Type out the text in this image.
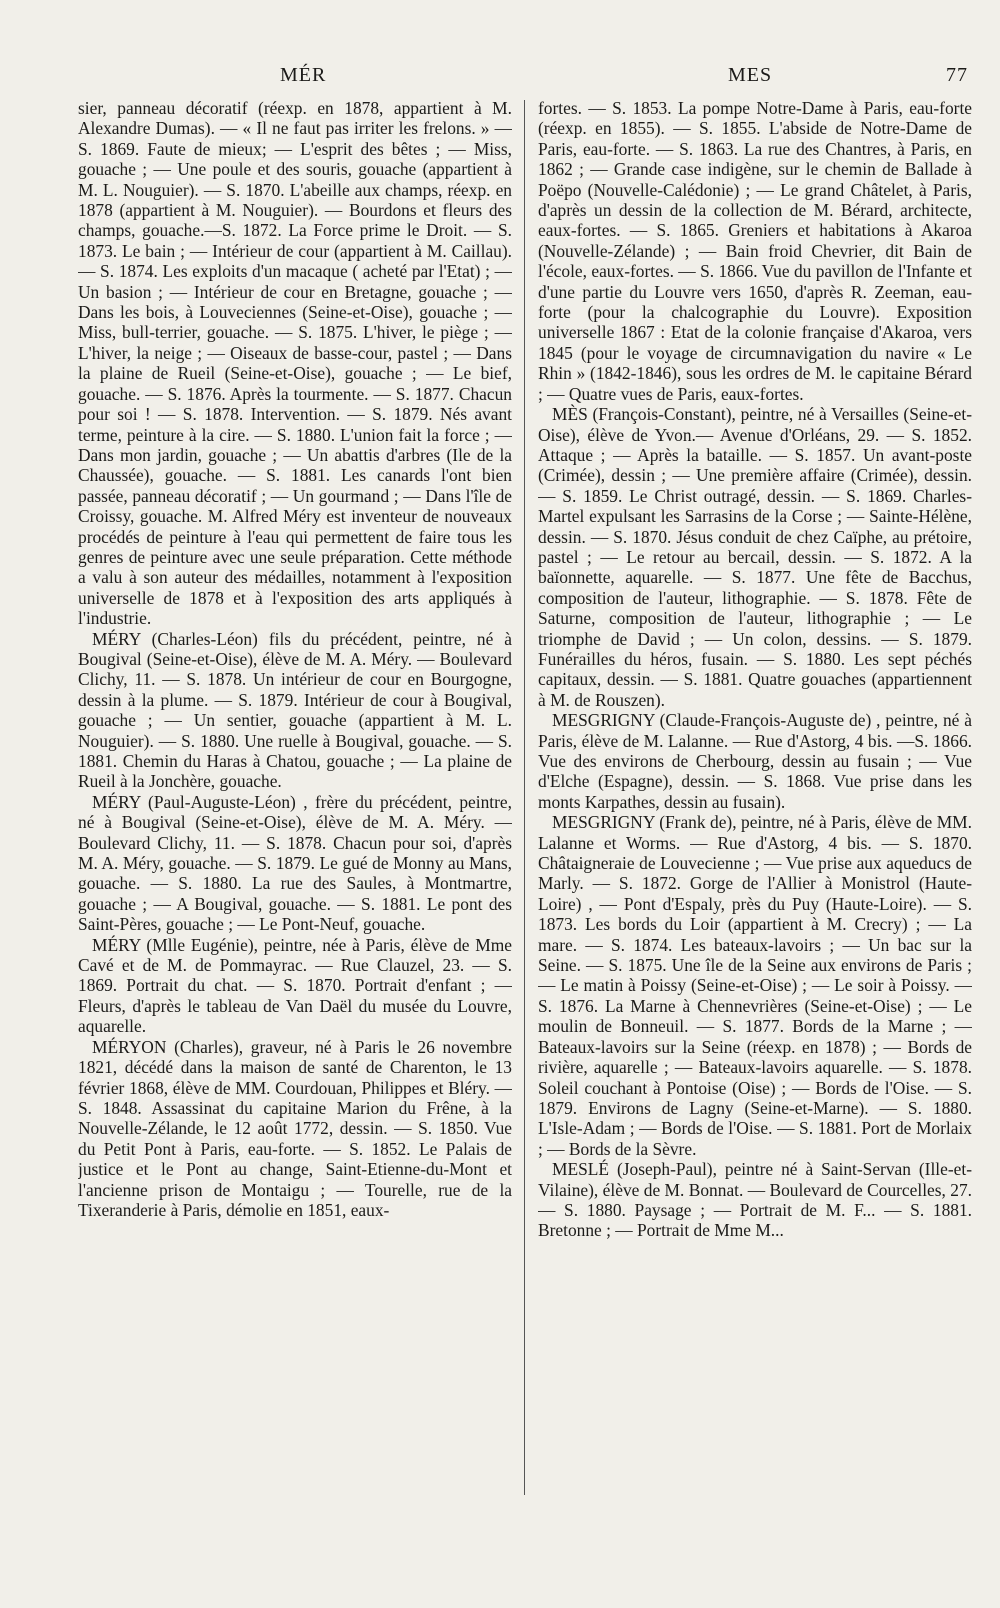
MÉR	MES	77

sier, panneau décoratif (réexp. en 1878, appartient à M. Alexandre Dumas). — « Il ne faut pas irriter les frelons. » — S. 1869. Faute de mieux; — L'esprit des bêtes ; — Miss, gouache ; — Une poule et des souris, gouache (appartient à M. L. Nouguier). — S. 1870. L'abeille aux champs, réexp. en 1878 (appartient à M. Nouguier). — Bourdons et fleurs des champs, gouache.—S. 1872. La Force prime le Droit. — S. 1873. Le bain ; — Intérieur de cour (appartient à M. Caillau). — S. 1874. Les exploits d'un macaque ( acheté par l'Etat) ; — Un basion ; — Intérieur de cour en Bretagne, gouache ; — Dans les bois, à Louveciennes (Seine-et-Oise), gouache ; — Miss, bull-terrier, gouache. — S. 1875. L'hiver, le piège ; — L'hiver, la neige ; — Oiseaux de basse-cour, pastel ; — Dans la plaine de Rueil (Seine-et-Oise), gouache ; — Le bief, gouache. — S. 1876. Après la tourmente. — S. 1877. Chacun pour soi ! — S. 1878. Intervention. — S. 1879. Nés avant terme, peinture à la cire. — S. 1880. L'union fait la force ; — Dans mon jardin, gouache ; — Un abattis d'arbres (Ile de la Chaussée), gouache. — S. 1881. Les canards l'ont bien passée, panneau décoratif ; — Un gourmand ; — Dans l'île de Croissy, gouache. M. Alfred Méry est inventeur de nouveaux procédés de peinture à l'eau qui permettent de faire tous les genres de peinture avec une seule préparation. Cette méthode a valu à son auteur des médailles, notamment à l'exposition universelle de 1878 et à l'exposition des arts appliqués à l'industrie.

MÉRY (Charles-Léon) fils du précédent, peintre, né à Bougival (Seine-et-Oise), élève de M. A. Méry. — Boulevard Clichy, 11. — S. 1878. Un intérieur de cour en Bourgogne, dessin à la plume. — S. 1879. Intérieur de cour à Bougival, gouache ; — Un sentier, gouache (appartient à M. L. Nouguier). — S. 1880. Une ruelle à Bougival, gouache. — S. 1881. Chemin du Haras à Chatou, gouache ; — La plaine de Rueil à la Jonchère, gouache.

MÉRY (Paul-Auguste-Léon) , frère du précédent, peintre, né à Bougival (Seine-et-Oise), élève de M. A. Méry. — Boulevard Clichy, 11. — S. 1878. Chacun pour soi, d'après M. A. Méry, gouache. — S. 1879. Le gué de Monny au Mans, gouache. — S. 1880. La rue des Saules, à Montmartre, gouache ; — A Bougival, gouache. — S. 1881. Le pont des Saint-Pères, gouache ; — Le Pont-Neuf, gouache.

MÉRY (Mlle Eugénie), peintre, née à Paris, élève de Mme Cavé et de M. de Pommayrac. — Rue Clauzel, 23. — S. 1869. Portrait du chat. — S. 1870. Portrait d'enfant ; — Fleurs, d'après le tableau de Van Daël du musée du Louvre, aquarelle.

MÉRYON (Charles), graveur, né à Paris le 26 novembre 1821, décédé dans la maison de santé de Charenton, le 13 février 1868, élève de MM. Courdouan, Philippes et Bléry. — S. 1848. Assassinat du capitaine Marion du Frêne, à la Nouvelle-Zélande, le 12 août 1772, dessin. — S. 1850. Vue du Petit Pont à Paris, eau-forte. — S. 1852. Le Palais de justice et le Pont au change, Saint-Etienne-du-Mont et l'ancienne prison de Montaigu ; — Tourelle, rue de la Tixeranderie à Paris, démolie en 1851, eaux-

fortes. — S. 1853. La pompe Notre-Dame à Paris, eau-forte (réexp. en 1855). — S. 1855. L'abside de Notre-Dame de Paris, eau-forte. — S. 1863. La rue des Chantres, à Paris, en 1862 ; — Grande case indigène, sur le chemin de Ballade à Poëpo (Nouvelle-Calédonie) ; — Le grand Châtelet, à Paris, d'après un dessin de la collection de M. Bérard, architecte, eaux-fortes. — S. 1865. Greniers et habitations à Akaroa (Nouvelle-Zélande) ; — Bain froid Chevrier, dit Bain de l'école, eaux-fortes. — S. 1866. Vue du pavillon de l'Infante et d'une partie du Louvre vers 1650, d'après R. Zeeman, eau-forte (pour la chalcographie du Louvre). Exposition universelle 1867 : Etat de la colonie française d'Akaroa, vers 1845 (pour le voyage de circumnavigation du navire « Le Rhin » (1842-1846), sous les ordres de M. le capitaine Bérard ; — Quatre vues de Paris, eaux-fortes.

MÈS (François-Constant), peintre, né à Versailles (Seine-et-Oise), élève de Yvon.— Avenue d'Orléans, 29. — S. 1852. Attaque ; — Après la bataille. — S. 1857. Un avant-poste (Crimée), dessin ; — Une première affaire (Crimée), dessin. — S. 1859. Le Christ outragé, dessin. — S. 1869. Charles-Martel expulsant les Sarrasins de la Corse ; — Sainte-Hélène, dessin. — S. 1870. Jésus conduit de chez Caïphe, au prétoire, pastel ; — Le retour au bercail, dessin. — S. 1872. A la baïonnette, aquarelle. — S. 1877. Une fête de Bacchus, composition de l'auteur, lithographie. — S. 1878. Fête de Saturne, composition de l'auteur, lithographie ; — Le triomphe de David ; — Un colon, dessins. — S. 1879. Funérailles du héros, fusain. — S. 1880. Les sept péchés capitaux, dessin. — S. 1881. Quatre gouaches (appartiennent à M. de Rouszen).

MESGRIGNY (Claude-François-Auguste de) , peintre, né à Paris, élève de M. Lalanne. — Rue d'Astorg, 4 bis. —S. 1866. Vue des environs de Cherbourg, dessin au fusain ; — Vue d'Elche (Espagne), dessin. — S. 1868. Vue prise dans les monts Karpathes, dessin au fusain).

MESGRIGNY (Frank de), peintre, né à Paris, élève de MM. Lalanne et Worms. — Rue d'Astorg, 4 bis. — S. 1870. Châtaigneraie de Louvecienne ; — Vue prise aux aqueducs de Marly. — S. 1872. Gorge de l'Allier à Monistrol (Haute-Loire) , — Pont d'Espaly, près du Puy (Haute-Loire). — S. 1873. Les bords du Loir (appartient à M. Crecry) ; — La mare. — S. 1874. Les bateaux-lavoirs ; — Un bac sur la Seine. — S. 1875. Une île de la Seine aux environs de Paris ; — Le matin à Poissy (Seine-et-Oise) ; — Le soir à Poissy. — S. 1876. La Marne à Chennevrières (Seine-et-Oise) ; — Le moulin de Bonneuil. — S. 1877. Bords de la Marne ; — Bateaux-lavoirs sur la Seine (réexp. en 1878) ; — Bords de rivière, aquarelle ; — Bateaux-lavoirs aquarelle. — S. 1878. Soleil couchant à Pontoise (Oise) ; — Bords de l'Oise. — S. 1879. Environs de Lagny (Seine-et-Marne). — S. 1880. L'Isle-Adam ; — Bords de l'Oise. — S. 1881. Port de Morlaix ; — Bords de la Sèvre.

MESLÉ (Joseph-Paul), peintre né à Saint-Servan (Ille-et-Vilaine), élève de M. Bonnat. — Boulevard de Courcelles, 27. — S. 1880. Paysage ; — Portrait de M. F... — S. 1881. Bretonne ; — Portrait de Mme M...
